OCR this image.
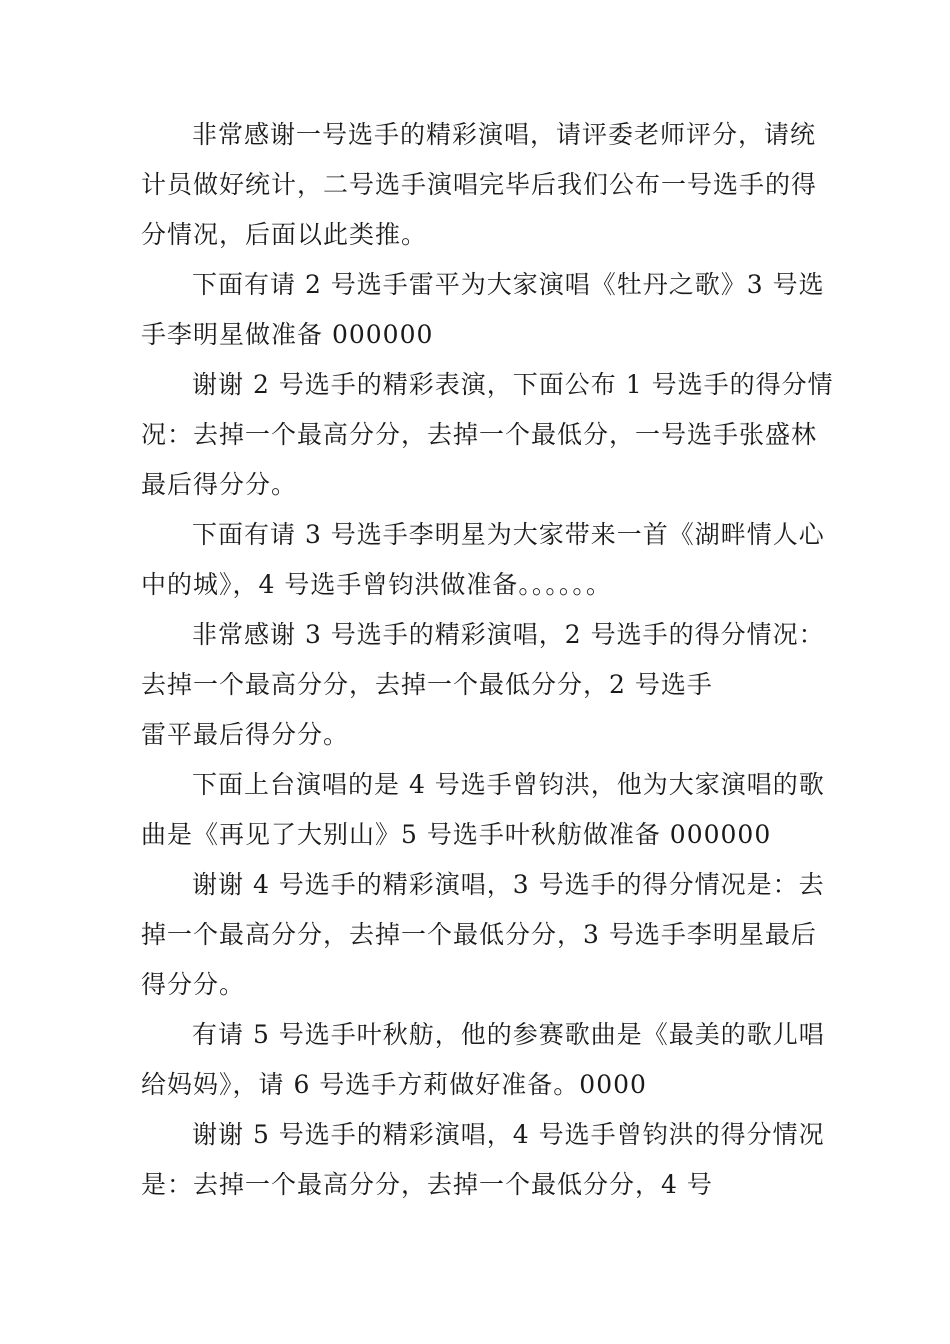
非常感谢一号选手的精彩演唱，请评委老师评分，请统
计员做好统计，二号选手演唱完毕后我们公布一号选手的得
分情况，后面以此类推。
下面有请 2 号选手雷平为大家演唱《牡丹之歌》3 号选
手李明星做准备 000000
谢谢 2 号选手的精彩表演，下面公布 1 号选手的得分情
况：去掉一个最高分分，去掉一个最低分，一号选手张盛林
最后得分分。
下面有请 3 号选手李明星为大家带来一首《湖畔情人心
中的城》，4 号选手曾钧洪做准备。。。。。。
非常感谢 3 号选手的精彩演唱，2 号选手的得分情况：
去掉一个最高分分，去掉一个最低分分，2 号选手
雷平最后得分分。
下面上台演唱的是 4 号选手曾钧洪，他为大家演唱的歌
曲是《再见了大别山》5 号选手叶秋舫做准备 000000
谢谢 4 号选手的精彩演唱，3 号选手的得分情况是：去
掉一个最高分分，去掉一个最低分分，3 号选手李明星最后
得分分。
有请 5 号选手叶秋舫，他的参赛歌曲是《最美的歌儿唱
给妈妈》，请 6 号选手方莉做好准备。0000
谢谢 5 号选手的精彩演唱，4 号选手曾钧洪的得分情况
是：去掉一个最高分分，去掉一个最低分分，4 号
